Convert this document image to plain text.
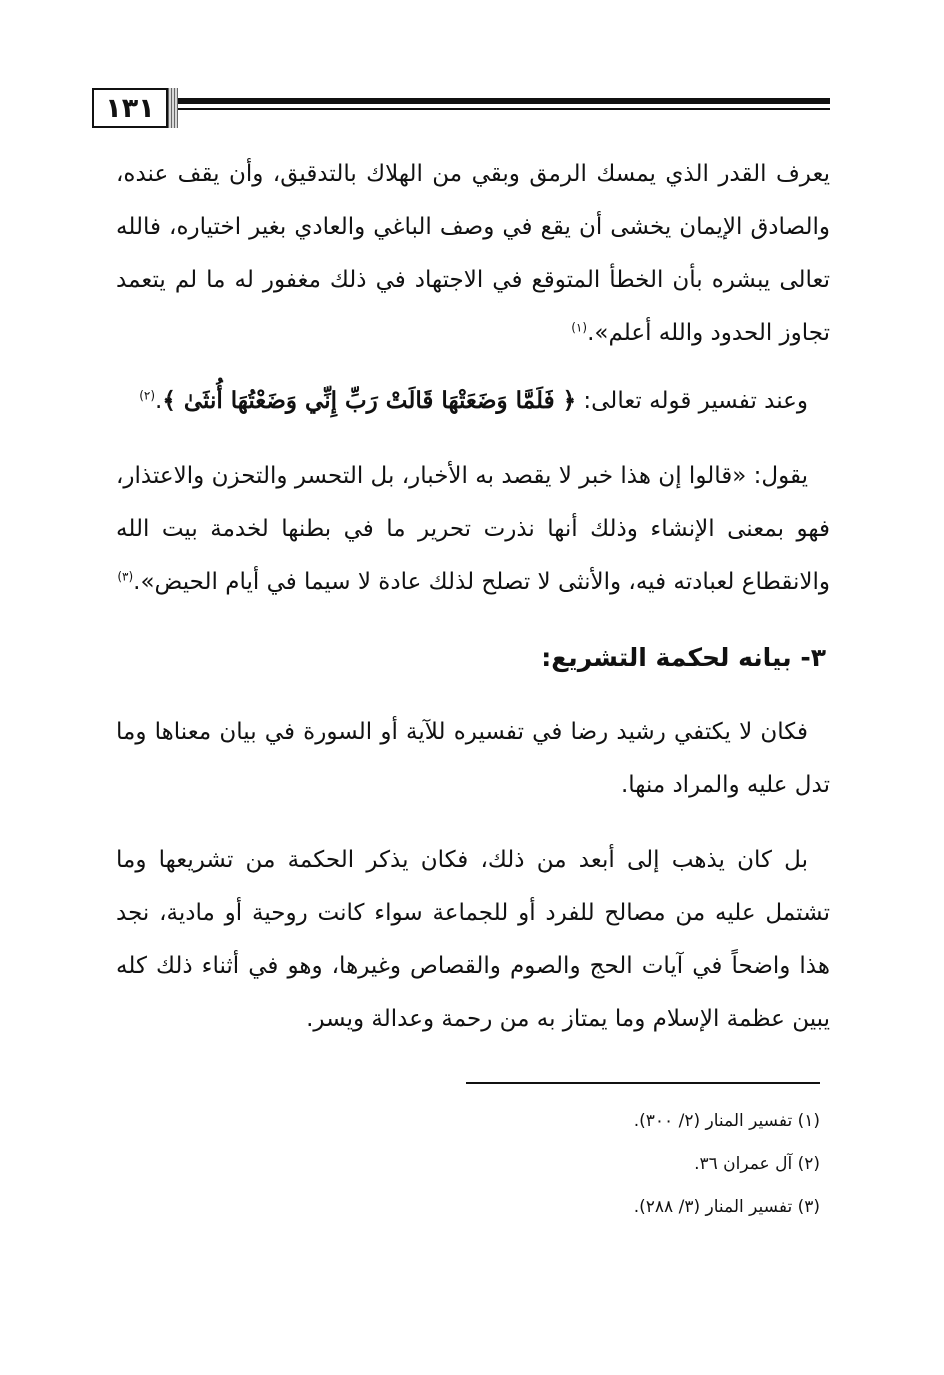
١٣١

يعرف القدر الذي يمسك الرمق وبقي من الهلاك بالتدقيق، وأن يقف عنده، والصادق الإيمان يخشى أن يقع في وصف الباغي والعادي بغير اختياره، فالله تعالى يبشره بأن الخطأ المتوقع في الاجتهاد في ذلك مغفور له ما لم يتعمد تجاوز الحدود والله أعلم».$^{(١)}$

وعند تفسير قوله تعالى: ﴿ فَلَمَّا وَضَعَتْهَا قَالَتْ رَبِّ إِنِّي وَضَعْتُهَا أُنثَىٰ ﴾.$^{(٢)}$

يقول: «قالوا إن هذا خبر لا يقصد به الأخبار، بل التحسر والتحزن والاعتذار، فهو بمعنى الإنشاء وذلك أنها نذرت تحرير ما في بطنها لخدمة بيت الله والانقطاع لعبادته فيه، والأنثى لا تصلح لذلك عادة لا سيما في أيام الحيض».$^{(٣)}$

٣- بيانه لحكمة التشريع:

فكان لا يكتفي رشيد رضا في تفسيره للآية أو السورة في بيان معناها وما تدل عليه والمراد منها.

بل كان يذهب إلى أبعد من ذلك، فكان يذكر الحكمة من تشريعها وما تشتمل عليه من مصالح للفرد أو للجماعة سواء كانت روحية أو مادية، نجد هذا واضحاً في آيات الحج والصوم والقصاص وغيرها، وهو في أثناء ذلك كله يبين عظمة الإسلام وما يمتاز به من رحمة وعدالة ويسر.

(١) تفسير المنار (٢/ ٣٠٠).
(٢) آل عمران ٣٦.
(٣) تفسير المنار (٣/ ٢٨٨).
